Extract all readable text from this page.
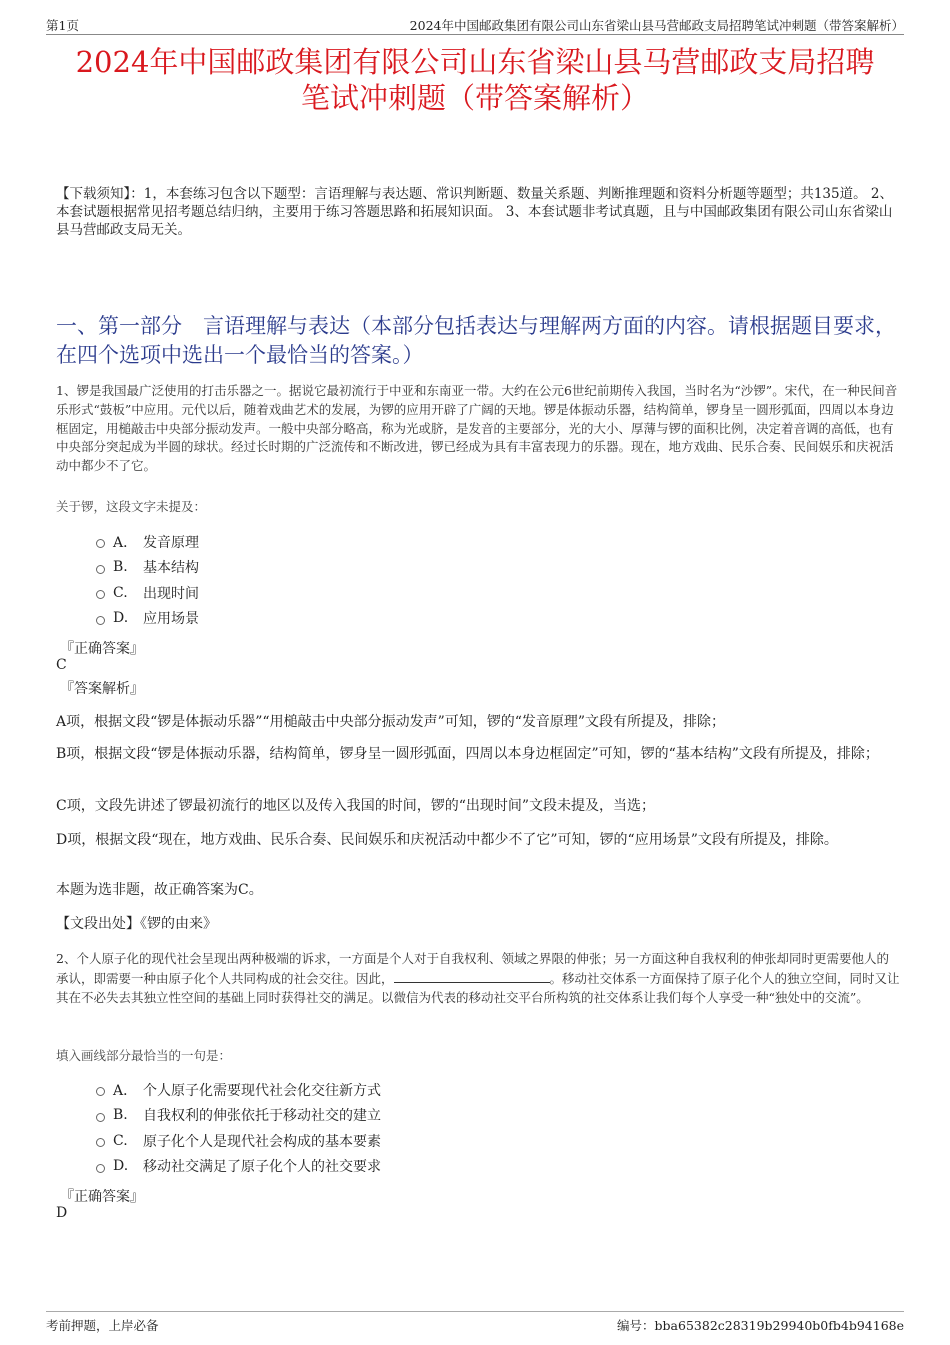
第1页	2024年中国邮政集团有限公司山东省梁山县马营邮政支局招聘笔试冲刺题（带答案解析）
2024年中国邮政集团有限公司山东省梁山县马营邮政支局招聘
笔试冲刺题（带答案解析）
【下载须知】：1，本套练习包含以下题型：言语理解与表达题、常识判断题、数量关系题、判断推理题和资料分析题等题型；共135道。 2、本套试题根据常见招考题总结归纳，主要用于练习答题思路和拓展知识面。 3、本套试题非考试真题，且与中国邮政集团有限公司山东省梁山县马营邮政支局无关。
一、第一部分　言语理解与表达（本部分包括表达与理解两方面的内容。请根据题目要求，在四个选项中选出一个最恰当的答案。）
1、锣是我国最广泛使用的打击乐器之一。据说它最初流行于中亚和东南亚一带。大约在公元6世纪前期传入我国，当时名为“沙锣”。宋代，在一种民间音乐形式“鼓板”中应用。元代以后，随着戏曲艺术的发展，为锣的应用开辟了广阔的天地。锣是体振动乐器，结构简单，锣身呈一圆形弧面，四周以本身边框固定，用槌敲击中央部分振动发声。一般中央部分略高，称为光或脐，是发音的主要部分，光的大小、厚薄与锣的面积比例，决定着音调的高低，也有中央部分突起成为半圆的球状。经过长时期的广泛流传和不断改进，锣已经成为具有丰富表现力的乐器。现在，地方戏曲、民乐合奏、民间娱乐和庆祝活动中都少不了它。
关于锣，这段文字未提及：
A． 发音原理
B.	基本结构
C.	出现时间
D.	应用场景
『正确答案』
C
『答案解析』
A项，根据文段“锣是体振动乐器”“用槌敲击中央部分振动发声”可知，锣的“发音原理”文段有所提及，排除；
B项，根据文段“锣是体振动乐器，结构简单，锣身呈一圆形弧面，四周以本身边框固定”可知，锣的“基本结构”文段有所提及，排除；
C项，文段先讲述了锣最初流行的地区以及传入我国的时间，锣的“出现时间”文段未提及，当选；
D项，根据文段“现在，地方戏曲、民乐合奏、民间娱乐和庆祝活动中都少不了它”可知，锣的“应用场景”文段有所提及，排除。
本题为选非题，故正确答案为C。
【文段出处】《锣的由来》
2、个人原子化的现代社会呈现出两种极端的诉求，一方面是个人对于自我权利、领域之界限的伸张；另一方面这种自我权利的伸张却同时更需要他人的承认，即需要一种由原子化个人共同构成的社会交往。因此，	。移动社交体系一方面保持了原子化个人的独立空间，同时又让其在不必失去其独立性空间的基础上同时获得社交的满足。以微信为代表的移动社交平台所构筑的社交体系让我们每个人享受一种“独处中的交流”。
填入画线部分最恰当的一句是：
A． 个人原子化需要现代社会化交往新方式
B.	自我权利的伸张依托于移动社交的建立
C.	原子化个人是现代社会构成的基本要素
D.	移动社交满足了原子化个人的社交要求
『正确答案』
D
考前押题，上岸必备	编号：bba65382c28319b29940b0fb4b94168e
